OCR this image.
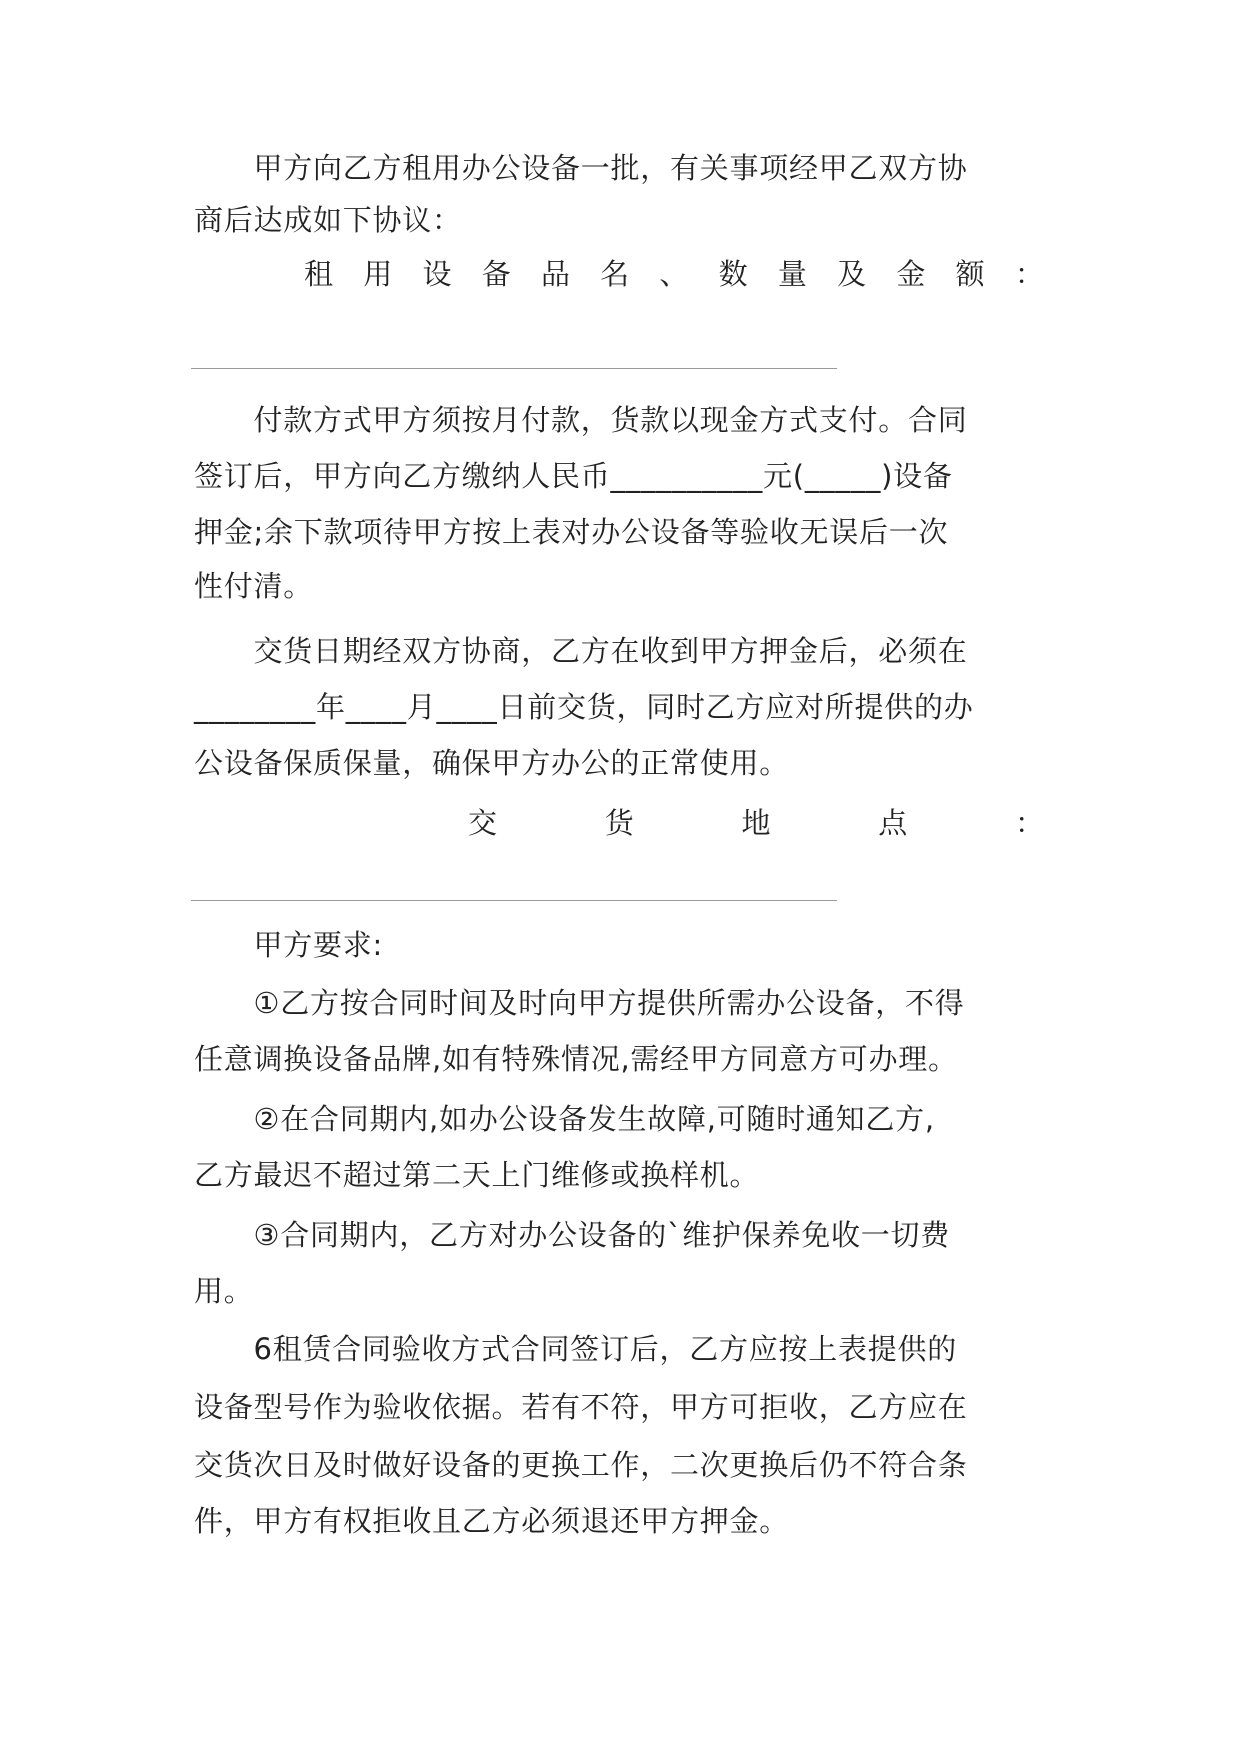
　　甲方向乙方租用办公设备一批，有关事项经甲乙双方协
商后达成如下协议：
租 用 设 备 品 名 、 数 量 及 金 额 ：
　　付款方式甲方须按月付款，货款以现金方式支付。合同
签订后，甲方向乙方缴纳人民币__________元(_____)设备
押金;余下款项待甲方按上表对办公设备等验收无误后一次
性付清。
　　交货日期经双方协商，乙方在收到甲方押金后，必须在
________年____月____日前交货，同时乙方应对所提供的办
公设备保质保量，确保甲方办公的正常使用。
交	货	地	点	：
　　甲方要求:
　　①乙方按合同时间及时向甲方提供所需办公设备，不得
任意调换设备品牌,如有特殊情况,需经甲方同意方可办理。
　　②在合同期内,如办公设备发生故障,可随时通知乙方,
乙方最迟不超过第二天上门维修或换样机。
　　③合同期内，乙方对办公设备的`维护保养免收一切费
用。
　　6租赁合同验收方式合同签订后，乙方应按上表提供的
设备型号作为验收依据。若有不符，甲方可拒收，乙方应在
交货次日及时做好设备的更换工作，二次更换后仍不符合条
件，甲方有权拒收且乙方必须退还甲方押金。
